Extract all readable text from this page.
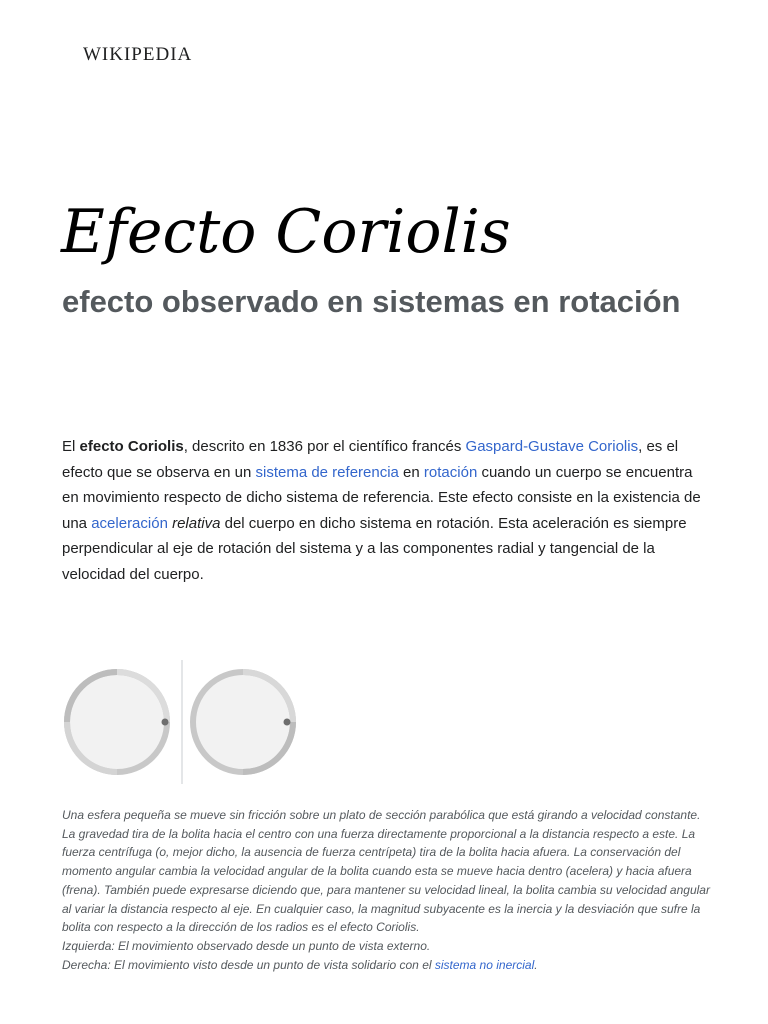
WIKIPEDIA
Efecto Coriolis
efecto observado en sistemas en rotación

El efecto Coriolis, descrito en 1836 por el científico francés Gaspard-Gustave Coriolis, es el efecto que se observa en un sistema de referencia en rotación cuando un cuerpo se encuentra en movimiento respecto de dicho sistema de referencia. Este efecto consiste en la existencia de una aceleración relativa del cuerpo en dicho sistema en rotación. Esta aceleración es siempre perpendicular al eje de rotación del sistema y a las componentes radial y tangencial de la velocidad del cuerpo.

Una esfera pequeña se mueve sin fricción sobre un plato de sección parabólica que está girando a velocidad constante. La gravedad tira de la bolita hacia el centro con una fuerza directamente proporcional a la distancia respecto a este. La fuerza centrífuga (o, mejor dicho, la ausencia de fuerza centrípeta) tira de la bolita hacia afuera. La conservación del momento angular cambia la velocidad angular de la bolita cuando esta se mueve hacia dentro (acelera) y hacia afuera (frena). También puede expresarse diciendo que, para mantener su velocidad lineal, la bolita cambia su velocidad angular al variar la distancia respecto al eje. En cualquier caso, la magnitud subyacente es la inercia y la desviación que sufre la bolita con respecto a la dirección de los radios es el efecto Coriolis.
Izquierda: El movimiento observado desde un punto de vista externo.
Derecha: El movimiento visto desde un punto de vista solidario con el sistema no inercial.
